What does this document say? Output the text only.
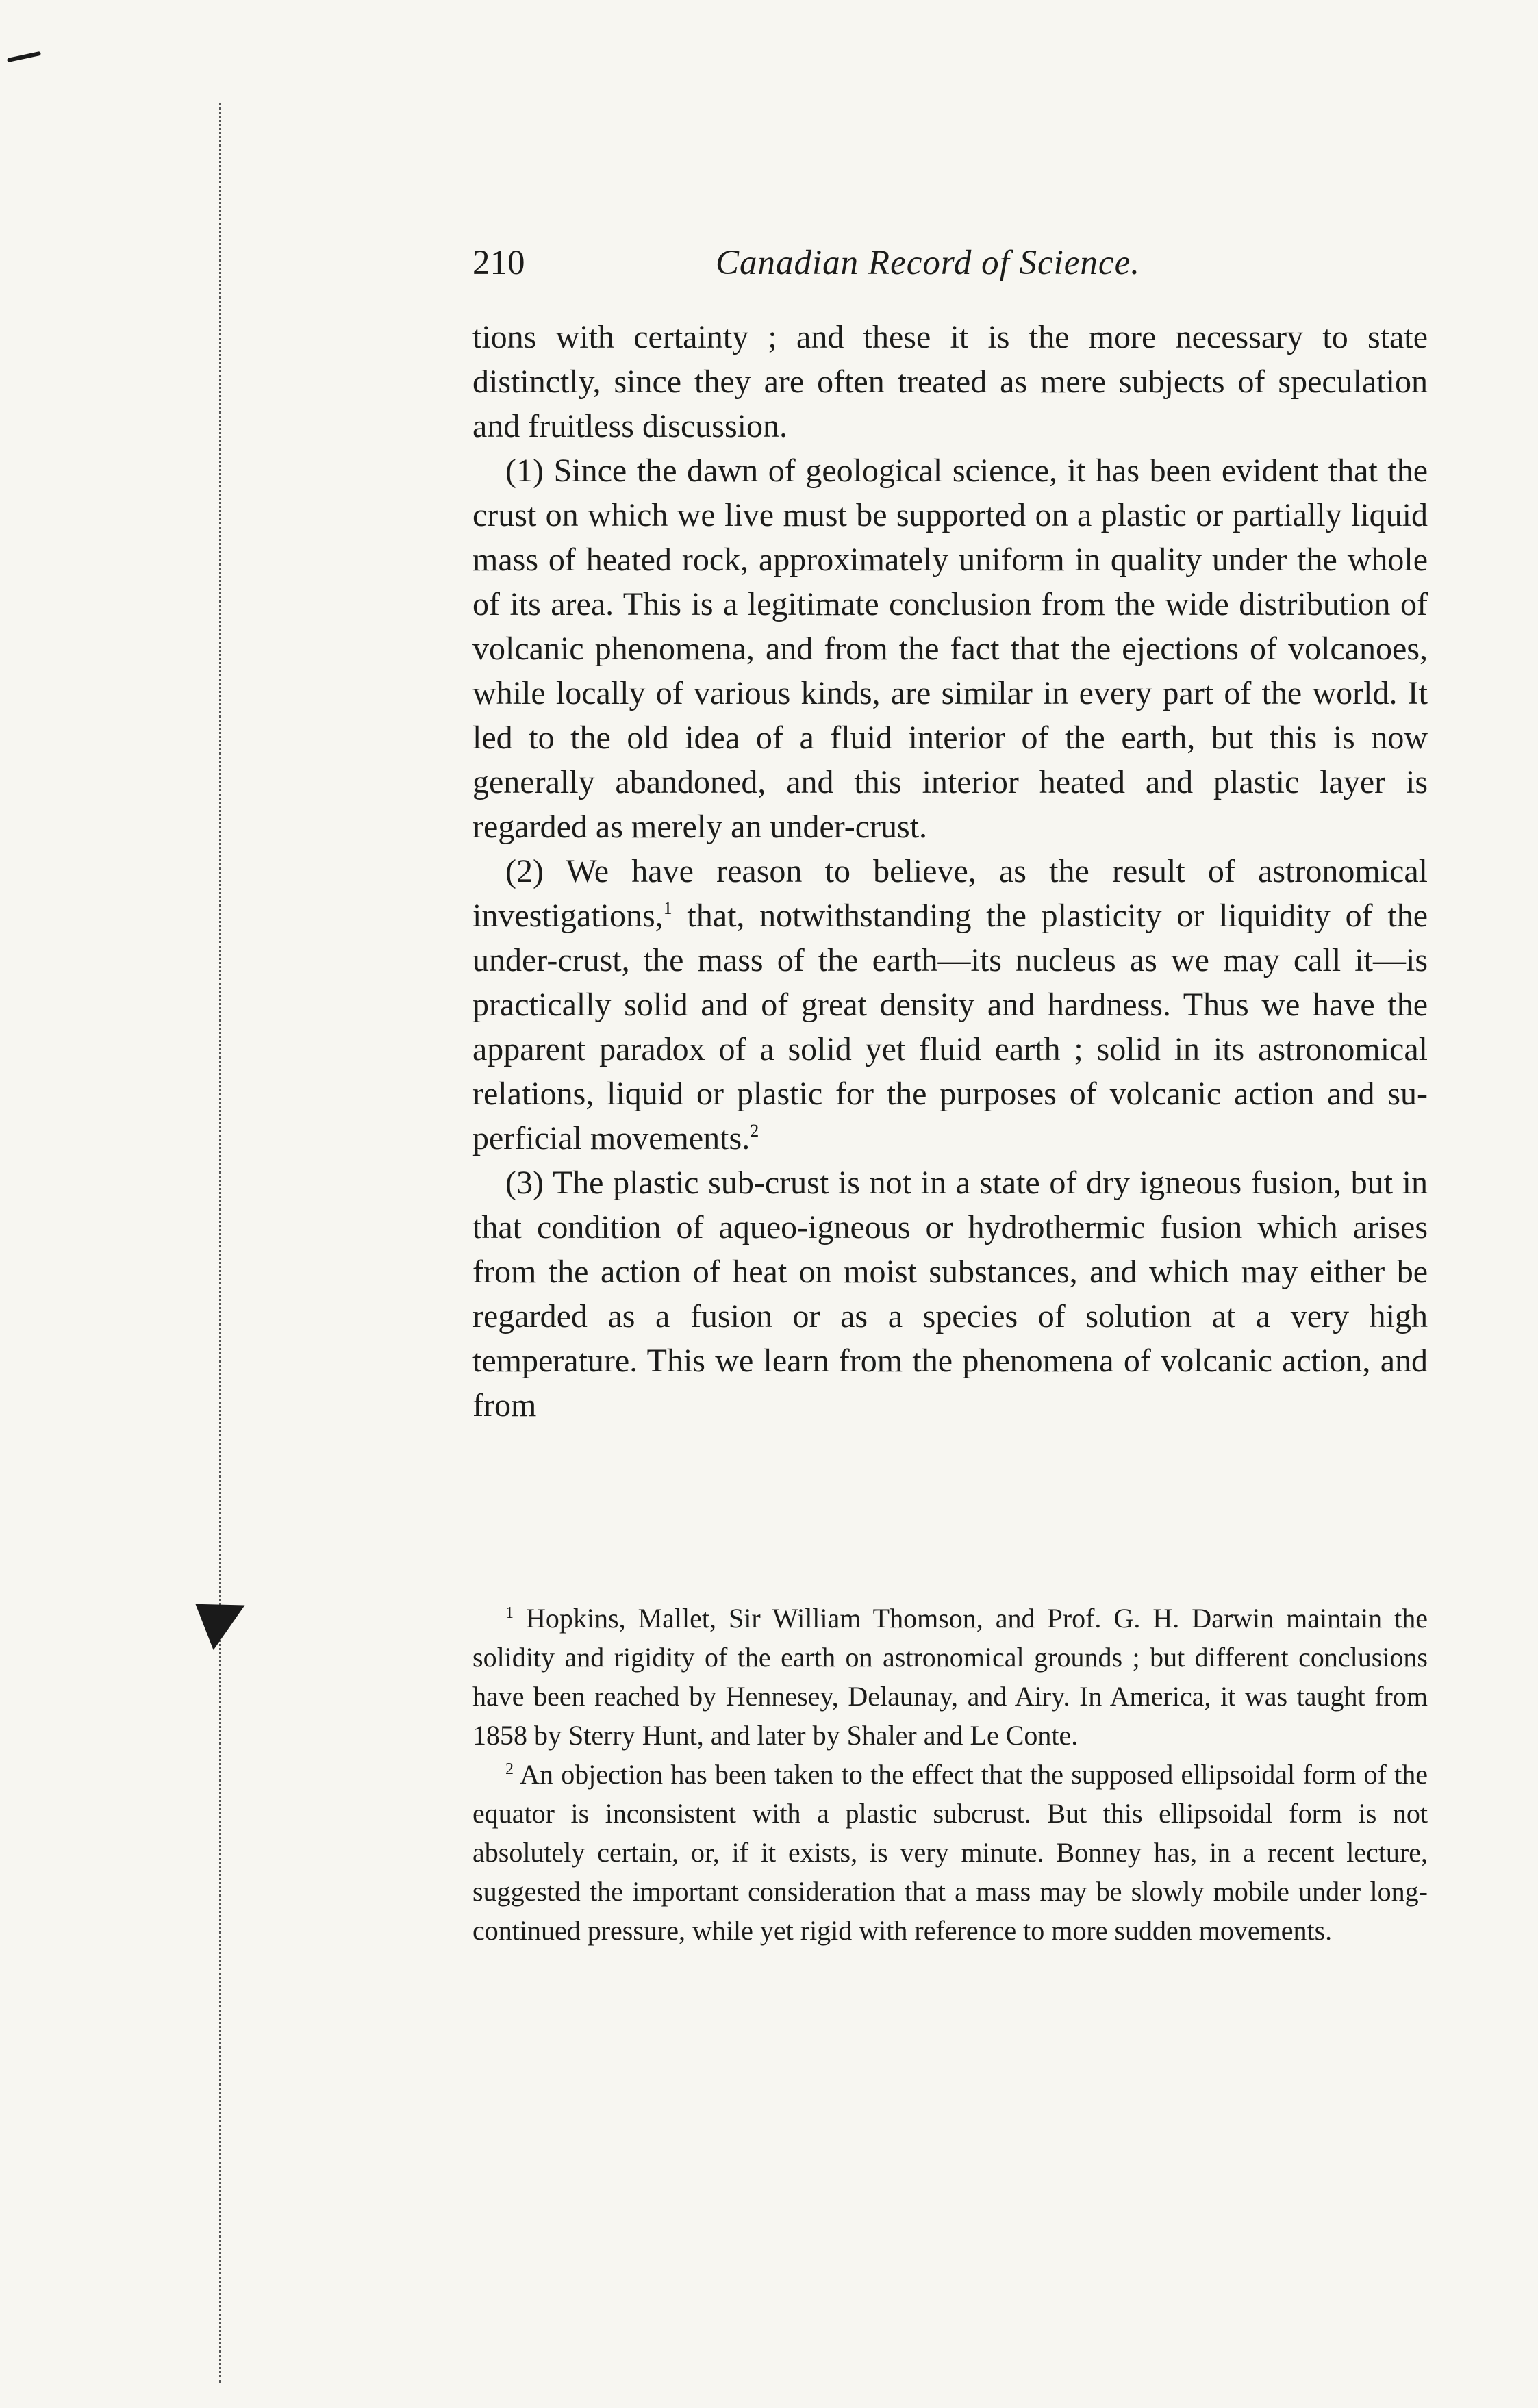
210	Canadian Record of Science.

tions with certainty ; and these it is the more necessary to state distinctly, since they are often treated as mere subjects of speculation and fruitless discussion.

(1) Since the dawn of geological science, it has been evident that the crust on which we live must be supported on a plastic or partially liquid mass of heated rock, approximately uniform in quality under the whole of its area. This is a legitimate conclusion from the wide distribution of volcanic phenomena, and from the fact that the ejections of volcanoes, while locally of various kinds, are similar in every part of the world. It led to the old idea of a fluid interior of the earth, but this is now generally abandoned, and this interior heated and plastic layer is regarded as merely an under-crust.

(2) We have reason to believe, as the result of astronomical investigations,$^1$ that, notwithstanding the plasticity or liquidity of the under-crust, the mass of the earth—its nucleus as we may call it—is practically solid and of great density and hardness. Thus we have the apparent paradox of a solid yet fluid earth ; solid in its astronomical relations, liquid or plastic for the purposes of volcanic action and superficial movements.$^2$

(3) The plastic sub-crust is not in a state of dry igneous fusion, but in that condition of aqueo-igneous or hydrothermic fusion which arises from the action of heat on moist substances, and which may either be regarded as a fusion or as a species of solution at a very high temperature. This we learn from the phenomena of volcanic action, and from

$^1$ Hopkins, Mallet, Sir William Thomson, and Prof. G. H. Darwin maintain the solidity and rigidity of the earth on astronomical grounds ; but different conclusions have been reached by Hennesey, Delaunay, and Airy. In America, it was taught from 1858 by Sterry Hunt, and later by Shaler and Le Conte.

$^2$ An objection has been taken to the effect that the supposed ellipsoidal form of the equator is inconsistent with a plastic subcrust. But this ellipsoidal form is not absolutely certain, or, if it exists, is very minute. Bonney has, in a recent lecture, suggested the important consideration that a mass may be slowly mobile under long-continued pressure, while yet rigid with reference to more sudden movements.
